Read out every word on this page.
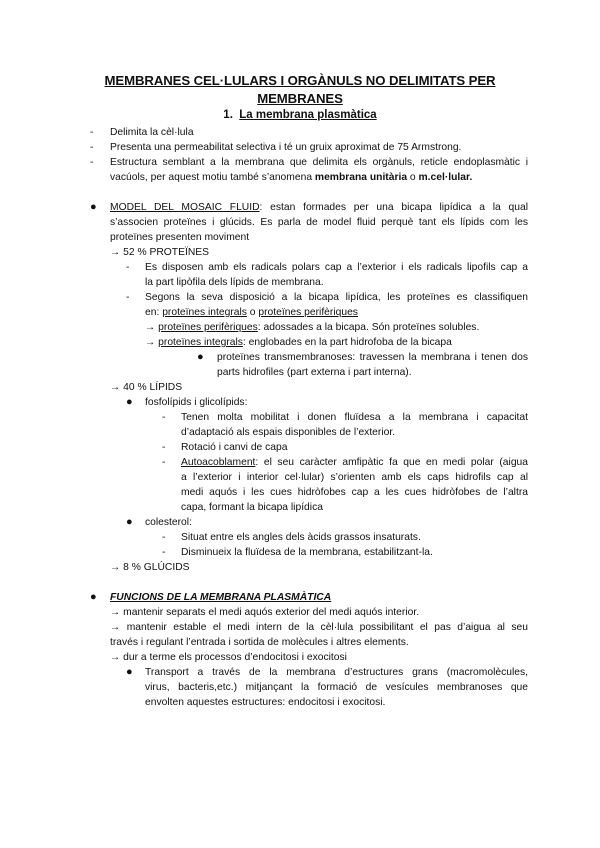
MEMBRANES CEL·LULARS I ORGÀNULS NO DELIMITATS PER
MEMBRANES
1. La membrana plasmàtica
- Delimita la cèl·lula
- Presenta una permeabilitat selectiva i té un gruix aproximat de 75 Armstrong.
- Estructura semblant a la membrana que delimita els orgànuls, reticle endoplasmàtic i
vacúols, per aquest motiu també s’anomena membrana unitària o m.cel·lular.
● MODEL DEL MOSAIC FLUID: estan formades per una bicapa lipídica a la qual
s’associen proteïnes i glúcids. Es parla de model fluid perquè tant els lípids com les
proteïnes presenten moviment
→ 52 % PROTEÏNES
- Es disposen amb els radicals polars cap a l’exterior i els radicals lipofils cap a
la part lipòfila dels lípids de membrana.
- Segons la seva disposició a la bicapa lipídica, les proteïnes es classifiquen
en: proteïnes integrals o proteïnes perifèriques
→ proteïnes perifèriques: adossades a la bicapa. Són proteïnes solubles.
→ proteïnes integrals: englobades en la part hidrofoba de la bicapa
● proteïnes transmembranoses: travessen la membrana i tenen dos
parts hidrofiles (part externa i part interna).
→ 40 % LÍPIDS
● fosfolípids i glicolípids:
- Tenen molta mobilitat i donen fluïdesa a la membrana i capacitat
d’adaptació als espais disponibles de l’exterior.
- Rotació i canvi de capa
- Autoacoblament: el seu caràcter amfipàtic fa que en medi polar (aigua
a l’exterior i interior cel·lular) s’orienten amb els caps hidrofils cap al
medi aquós i les cues hidròfobes cap a les cues hidròfobes de l’altra
capa, formant la bicapa lipídica
● colesterol:
- Situat entre els angles dels àcids grassos insaturats.
- Disminueix la fluïdesa de la membrana, estabilitzant-la.
→ 8 % GLÚCIDS
● FUNCIONS DE LA MEMBRANA PLASMÀTICA
→ mantenir separats el medi aquós exterior del medi aquós interior.
→ mantenir estable el medi intern de la cèl·lula possibilitant el pas d’aigua al seu
través i regulant l’entrada i sortida de molècules i altres elements.
→ dur a terme els processos d’endocitosi i exocitosi
● Transport a través de la membrana d’estructures grans (macromolècules,
virus, bacteris,etc.) mitjançant la formació de vesícules membranoses que
envolten aquestes estructures: endocitosi i exocitosi.
